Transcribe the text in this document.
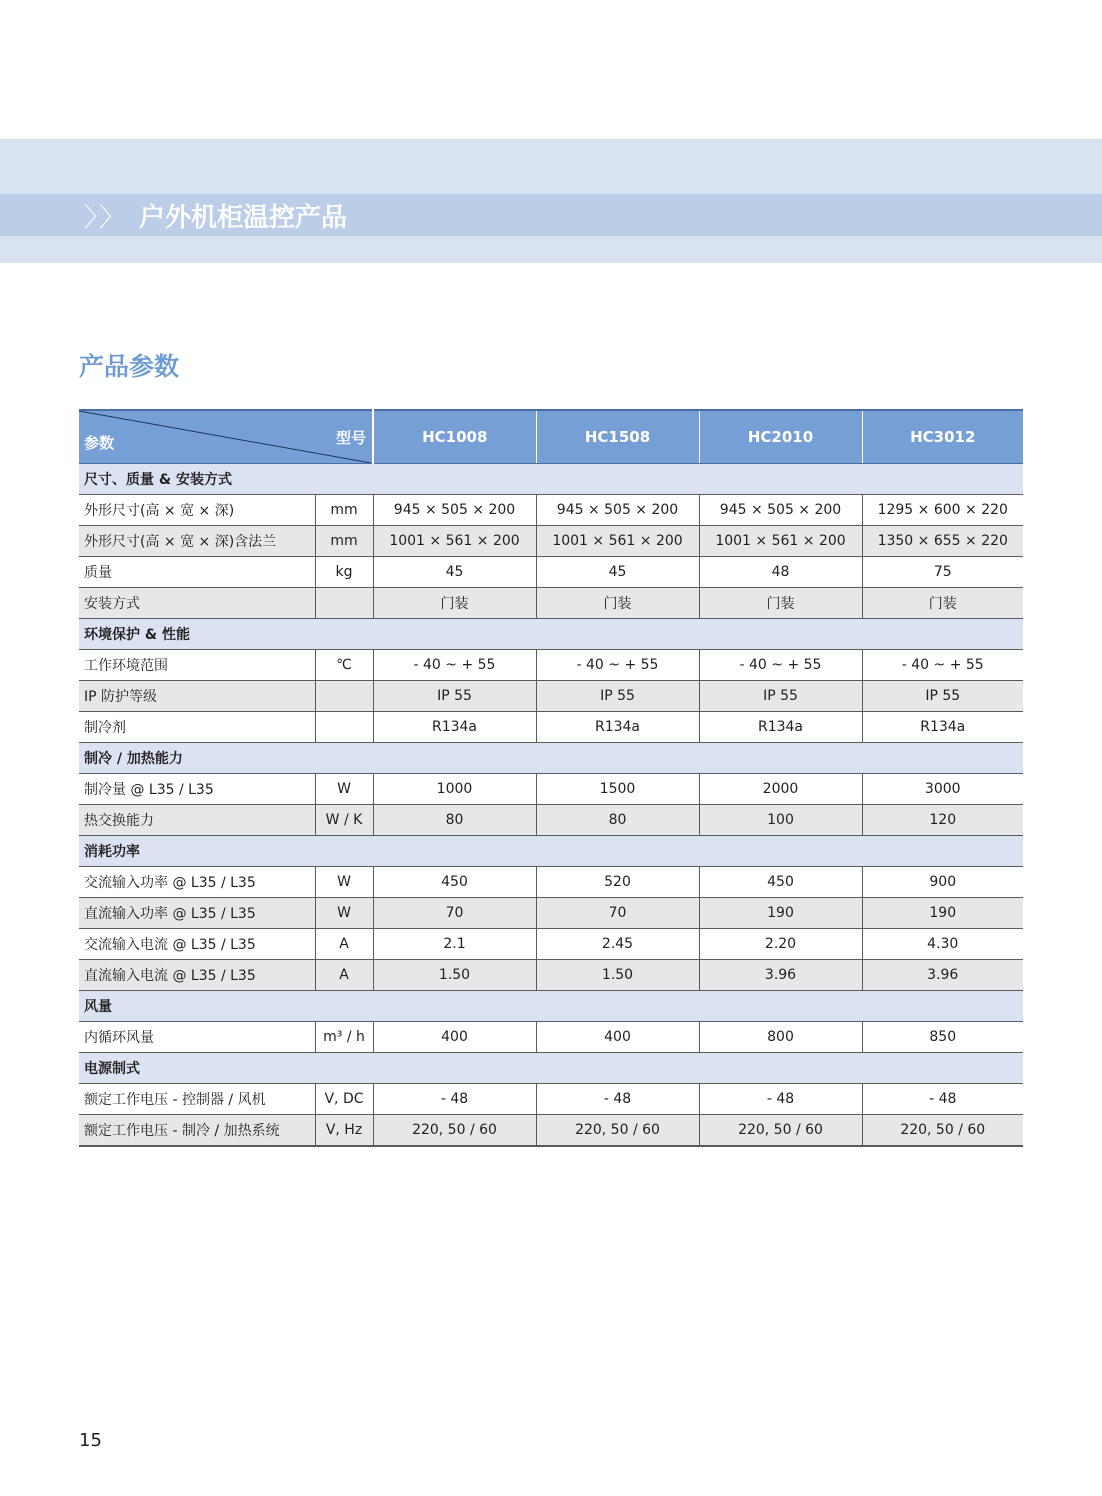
〉〉 户外机柜温控产品
产品参数
型号
参数		HC1008	HC1508	HC2010	HC3012
尺寸、质量 & 安装方式					
外形尺寸(高 × 宽 × 深)	mm	945 × 505 × 200	945 × 505 × 200	945 × 505 × 200	1295 × 600 × 220
外形尺寸(高 × 宽 × 深)含法兰	mm	1001 × 561 × 200	1001 × 561 × 200	1001 × 561 × 200	1350 × 655 × 220
质量	kg	45	45	48	75
安装方式		门装	门装	门装	门装
环境保护 & 性能					
工作环境范围	℃	- 40 ~ + 55	- 40 ~ + 55	- 40 ~ + 55	- 40 ~ + 55
IP 防护等级		IP 55	IP 55	IP 55	IP 55
制冷剂		R134a	R134a	R134a	R134a
制冷 / 加热能力					
制冷量 @ L35 / L35	W	1000	1500	2000	3000
热交换能力	W / K	80	80	100	120
消耗功率					
交流输入功率 @ L35 / L35	W	450	520	450	900
直流输入功率 @ L35 / L35	W	70	70	190	190
交流输入电流 @ L35 / L35	A	2.1	2.45	2.20	4.30
直流输入电流 @ L35 / L35	A	1.50	1.50	3.96	3.96
风量					
内循环风量	m³ / h	400	400	800	850
电源制式					
额定工作电压 - 控制器 / 风机	V, DC	- 48	- 48	- 48	- 48
额定工作电压 - 制冷 / 加热系统	V, Hz	220, 50 / 60	220, 50 / 60	220, 50 / 60	220, 50 / 60
15
